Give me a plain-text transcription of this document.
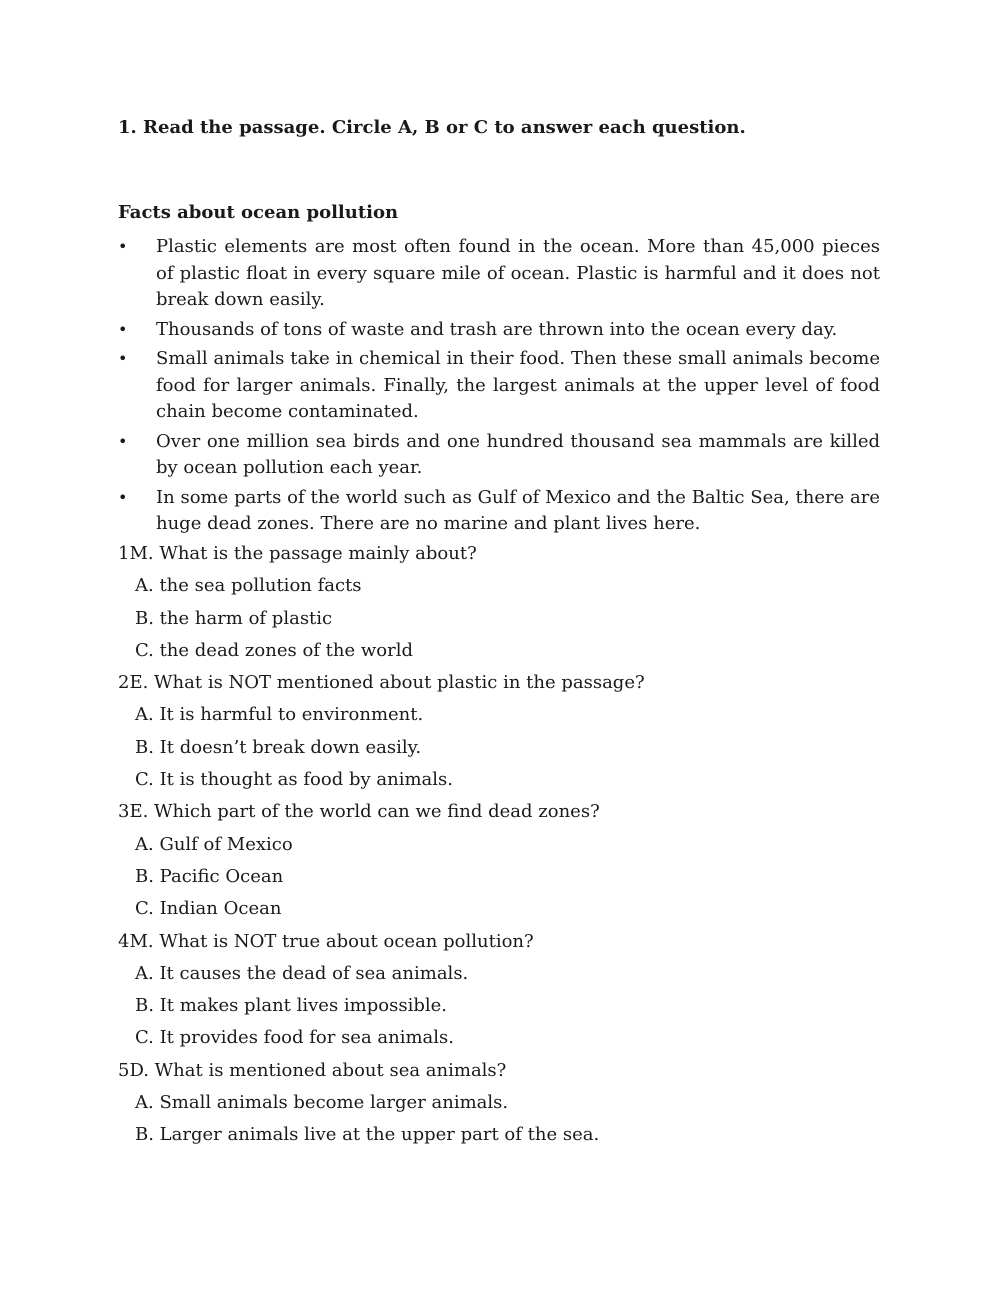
1. Read the passage. Circle A, B or C to answer each question.
Facts about ocean pollution
• Plastic elements are most often found in the ocean. More than 45,000 pieces of plastic float in every square mile of ocean. Plastic is harmful and it does not break down easily.
• Thousands of tons of waste and trash are thrown into the ocean every day.
• Small animals take in chemical in their food. Then these small animals become food for larger animals. Finally, the largest animals at the upper level of food chain become contaminated.
• Over one million sea birds and one hundred thousand sea mammals are killed by ocean pollution each year.
• In some parts of the world such as Gulf of Mexico and the Baltic Sea, there are huge dead zones. There are no marine and plant lives here.
1M. What is the passage mainly about?
A. the sea pollution facts
B. the harm of plastic
C. the dead zones of the world
2E. What is NOT mentioned about plastic in the passage?
A. It is harmful to environment.
B. It doesn’t break down easily.
C. It is thought as food by animals.
3E. Which part of the world can we find dead zones?
A. Gulf of Mexico
B. Pacific Ocean
C. Indian Ocean
4M. What is NOT true about ocean pollution?
A. It causes the dead of sea animals.
B. It makes plant lives impossible.
C. It provides food for sea animals.
5D. What is mentioned about sea animals?
A. Small animals become larger animals.
B. Larger animals live at the upper part of the sea.
